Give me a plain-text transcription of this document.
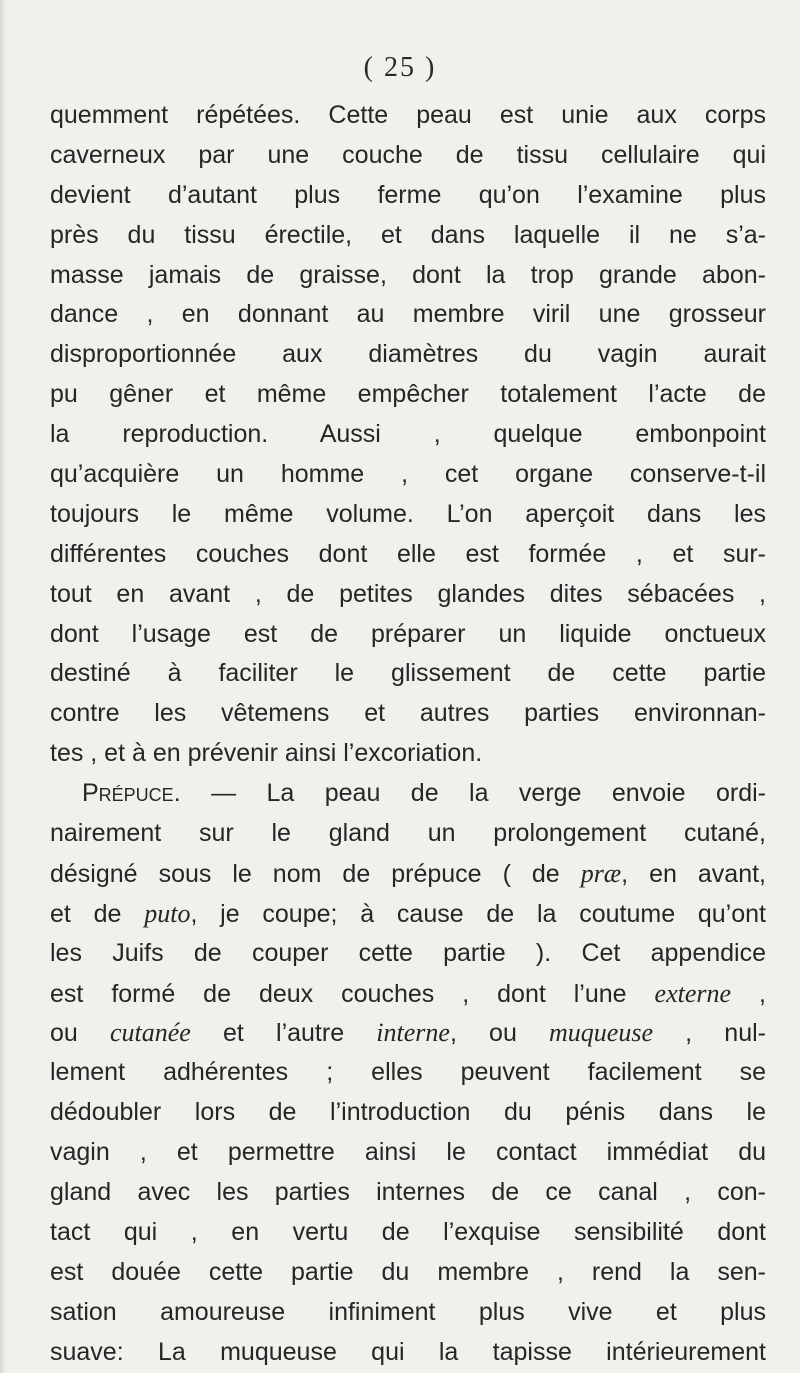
( 25 )
quemment répétées. Cette peau est unie aux corps
caverneux par une couche de tissu cellulaire qui
devient d’autant plus ferme qu’on l’examine plus
près du tissu érectile, et dans laquelle il ne s’a-
masse jamais de graisse, dont la trop grande abon-
dance , en donnant au membre viril une grosseur
disproportionnée aux diamètres du vagin aurait
pu gêner et même empêcher totalement l’acte de
la reproduction. Aussi , quelque embonpoint
qu’acquière un homme , cet organe conserve-t-il
toujours le même volume. L’on aperçoit dans les
différentes couches dont elle est formée , et sur-
tout en avant , de petites glandes dites sébacées ,
dont l’usage est de préparer un liquide onctueux
destiné à faciliter le glissement de cette partie
contre les vêtemens et autres parties environnan-
tes , et à en prévenir ainsi l’excoriation.
Prépuce. — La peau de la verge envoie ordi-
nairement sur le gland un prolongement cutané,
désigné sous le nom de prépuce ( de præ, en avant,
et de puto, je coupe; à cause de la coutume qu’ont
les Juifs de couper cette partie ). Cet appendice
est formé de deux couches , dont l’une externe ,
ou cutanée et l’autre interne, ou muqueuse , nul-
lement adhérentes ; elles peuvent facilement se
dédoubler lors de l’introduction du pénis dans le
vagin , et permettre ainsi le contact immédiat du
gland avec les parties internes de ce canal , con-
tact qui , en vertu de l’exquise sensibilité dont
est douée cette partie du membre , rend la sen-
sation amoureuse infiniment plus vive et plus
suave: La muqueuse qui la tapisse intérieurement
